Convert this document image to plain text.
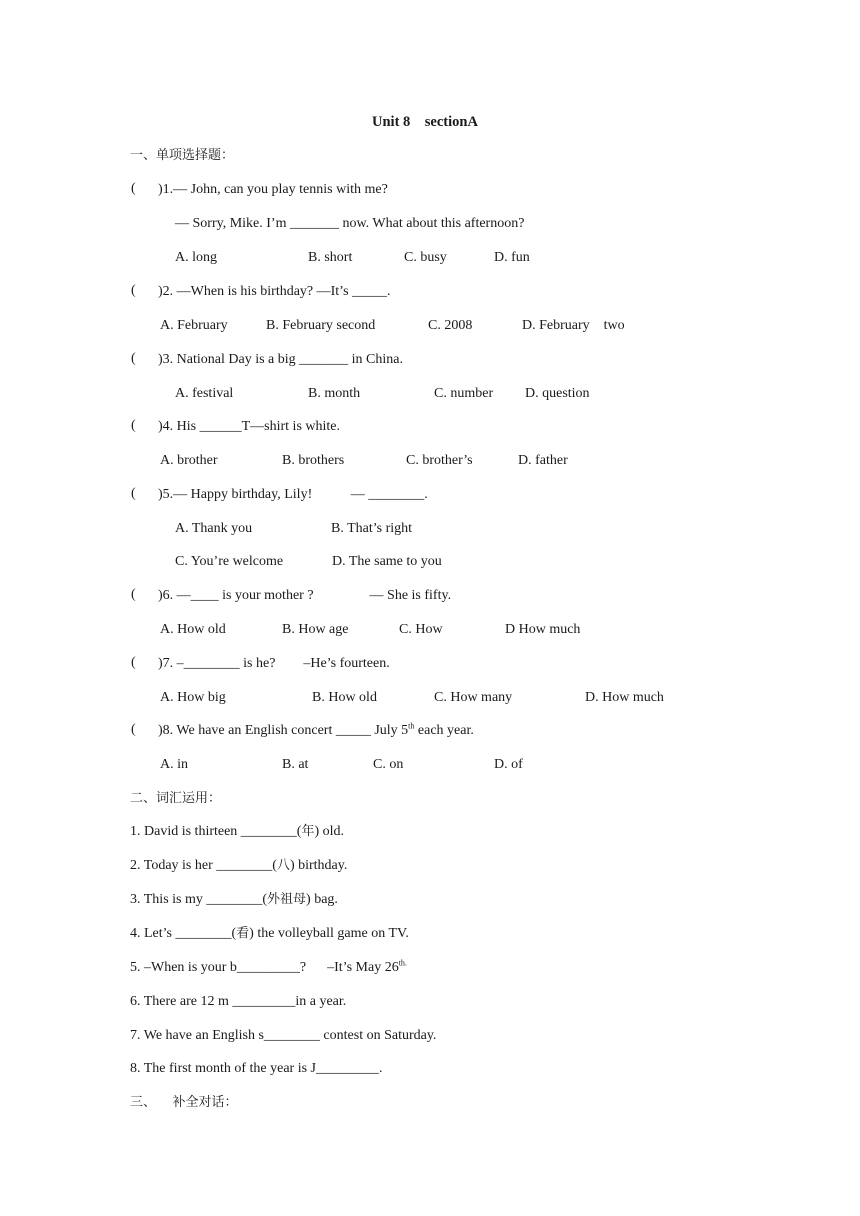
Unit 8    sectionA
一、单项选择题：
( )1.— John, can you play tennis with me?
— Sorry, Mike. I’m _______ now. What about this afternoon?
A. long	B. short	C. busy	D. fun
( )2. —When is his birthday? —It’s _____.
A. February	B. February second	C. 2008	D. February    two
( )3. National Day is a big _______ in China.
A. festival	B. month	C. number D. question
( )4. His ______T—shirt is white.
A. brother	B. brothers	C. brother’s	D. father
( )5.— Happy birthday, Lily!           — ________.
A. Thank you	B. That’s right
C. You’re welcome	D. The same to you
( )6. —____ is your mother ?                — She is fifty.
A. How old	B. How age	C. How	D How much
( )7. –________ is he?        –He’s fourteen.
A. How big	B. How old	C. How many	D. How much
( )8. We have an English concert _____ July 5th each year.
A. in	B. at	C. on	D. of
二、词汇运用：
1. David is thirteen ________(年) old.
2. Today is her ________(八) birthday.
3. This is my ________(外祖母) bag.
4. Let’s ________(看) the volleyball game on TV.
5. –When is your b_________?      –It’s May $26^{th.}$
6. There are 12 m _________in a year.
7. We have an English s________ contest on Saturday.
8. The first month of the year is J_________.
三、    补全对话：
